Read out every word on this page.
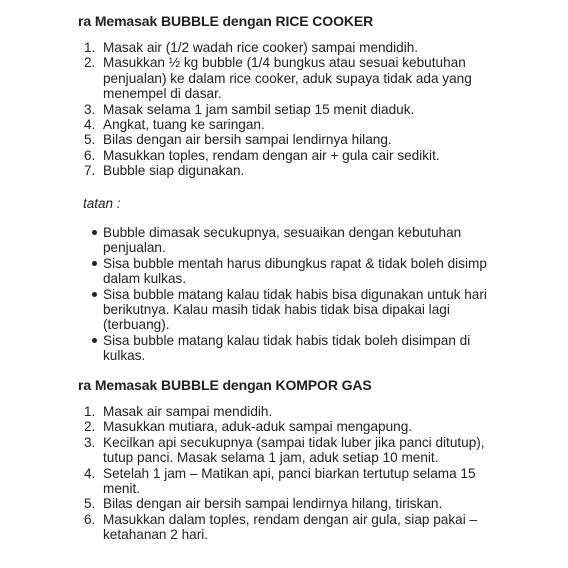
ra Memasak BUBBLE dengan RICE COOKER
1. Masak air (1/2 wadah rice cooker) sampai mendidih.
2. Masukkan ½ kg bubble (1/4 bungkus atau sesuai kebutuhan
penjualan) ke dalam rice cooker, aduk supaya tidak ada yang
menempel di dasar.
3. Masak selama 1 jam sambil setiap 15 menit diaduk.
4. Angkat, tuang ke saringan.
5. Bilas dengan air bersih sampai lendirnya hilang.
6. Masukkan toples, rendam dengan air + gula cair sedikit.
7. Bubble siap digunakan.
tatan :
Bubble dimasak secukupnya, sesuaikan dengan kebutuhan
penjualan.
Sisa bubble mentah harus dibungkus rapat & tidak boleh disimp
dalam kulkas.
Sisa bubble matang kalau tidak habis bisa digunakan untuk hari
berikutnya. Kalau masih tidak habis tidak bisa dipakai lagi
(terbuang).
Sisa bubble matang kalau tidak habis tidak boleh disimpan di
kulkas.
ra Memasak BUBBLE dengan KOMPOR GAS
1. Masak air sampai mendidih.
2. Masukkan mutiara, aduk-aduk sampai mengapung.
3. Kecilkan api secukupnya (sampai tidak luber jika panci ditutup),
tutup panci. Masak selama 1 jam, aduk setiap 10 menit.
4. Setelah 1 jam – Matikan api, panci biarkan tertutup selama 15
menit.
5. Bilas dengan air bersih sampai lendirnya hilang, tiriskan.
6. Masukkan dalam toples, rendam dengan air gula, siap pakai –
ketahanan 2 hari.
